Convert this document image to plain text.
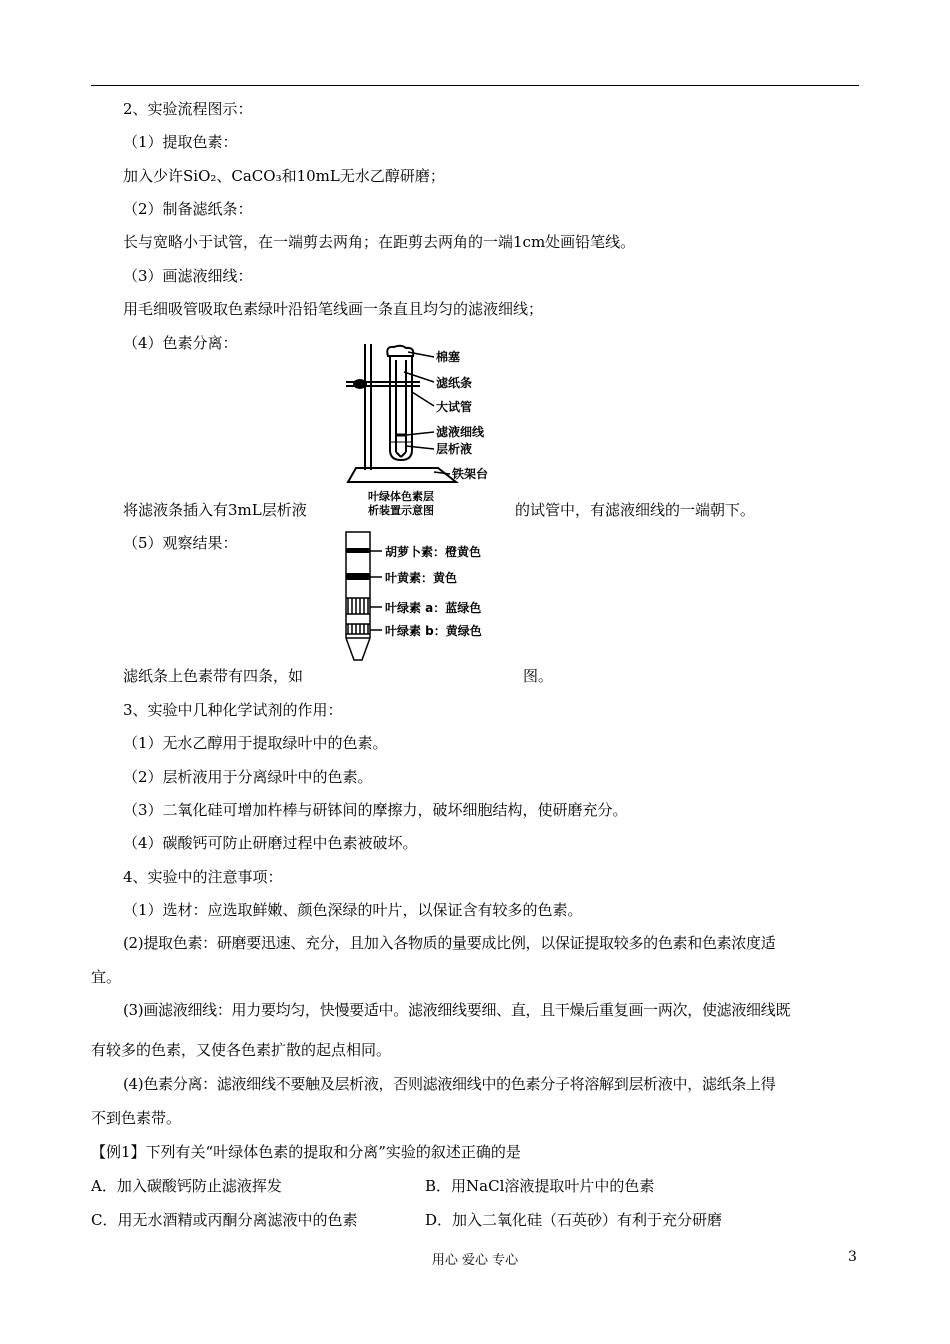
2、实验流程图示：
（1）提取色素：
加入少许SiO₂、CaCO₃和10mL无水乙醇研磨；
（2）制备滤纸条：
长与宽略小于试管，在一端剪去两角；在距剪去两角的一端1cm处画铅笔线。
（3）画滤液细线：
用毛细吸管吸取色素绿叶沿铅笔线画一条直且均匀的滤液细线；
（4）色素分离：
棉塞
滤纸条
大试管
滤液细线
层析液
铁架台
叶绿体色素层
析装置示意图
将滤液条插入有3mL层析液	的试管中，有滤液细线的一端朝下。
（5）观察结果：	胡萝卜素：橙黄色
叶黄素：黄色
叶绿素 a：蓝绿色
叶绿素 b：黄绿色
滤纸条上色素带有四条，如	图。
3、实验中几种化学试剂的作用：
（1）无水乙醇用于提取绿叶中的色素。
（2）层析液用于分离绿叶中的色素。
（3）二氧化硅可增加杵棒与研钵间的摩擦力，破坏细胞结构，使研磨充分。
（4）碳酸钙可防止研磨过程中色素被破坏。
4、实验中的注意事项：
（1）选材：应选取鲜嫩、颜色深绿的叶片，以保证含有较多的色素。
(2)提取色素：研磨要迅速、充分，且加入各物质的量要成比例，以保证提取较多的色素和色素浓度适
宜。
(3)画滤液细线：用力要均匀，快慢要适中。滤液细线要细、直，且干燥后重复画一两次，使滤液细线既
有较多的色素，又使各色素扩散的起点相同。
(4)色素分离：滤液细线不要触及层析液，否则滤液细线中的色素分子将溶解到层析液中，滤纸条上得
不到色素带。
【例1】下列有关“叶绿体色素的提取和分离”实验的叙述正确的是
A．加入碳酸钙防止滤液挥发	B．用NaCl溶液提取叶片中的色素
C．用无水酒精或丙酮分离滤液中的色素	D．加入二氧化硅（石英砂）有利于充分研磨
用心 爱心 专心	3
